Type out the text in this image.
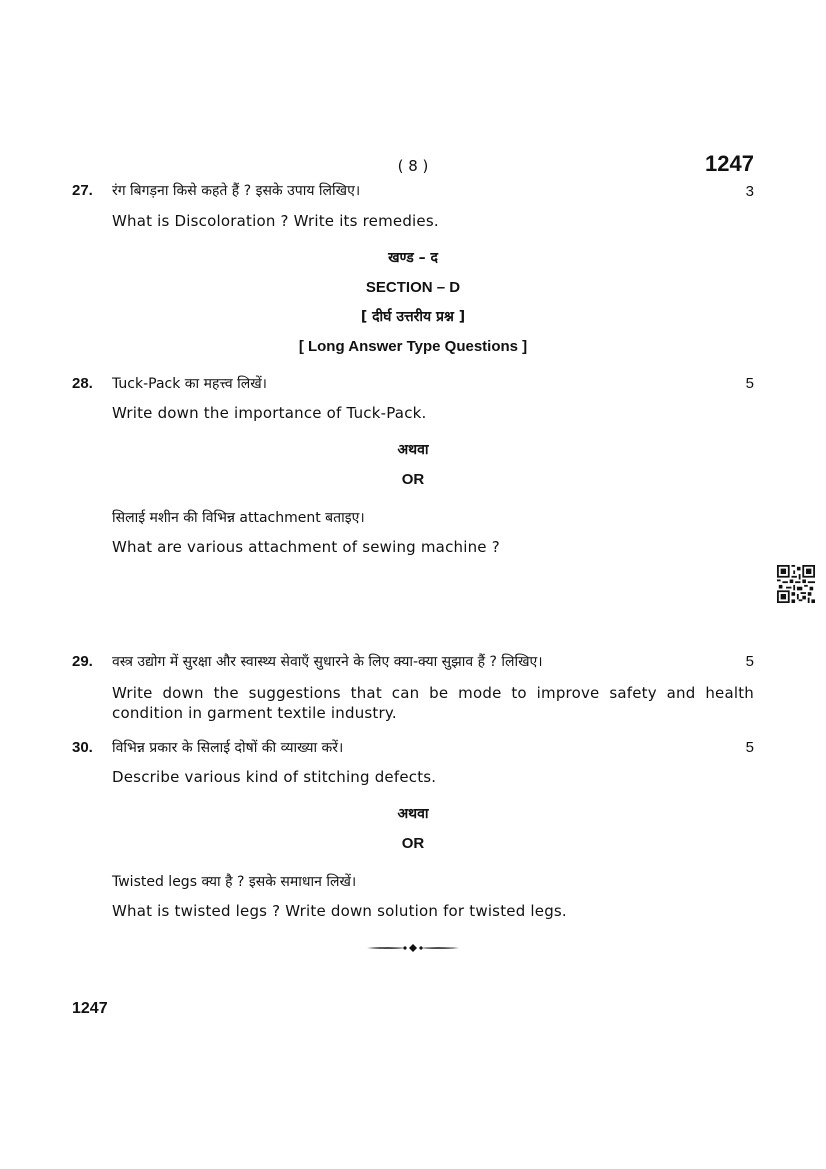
( 8 )	1247
27. रंग बिगड़ना किसे कहते हैं ? इसके उपाय लिखिए।	3
What is Discoloration ? Write its remedies.
खण्ड – द
SECTION – D
[ दीर्घ उत्तरीय प्रश्न ]
[ Long Answer Type Questions ]
28. Tuck-Pack का महत्त्व लिखें।	5
Write down the importance of Tuck-Pack.
अथवा
OR
सिलाई मशीन की विभिन्न attachment बताइए।
What are various attachment of sewing machine ?
29. वस्त्र उद्योग में सुरक्षा और स्वास्थ्य सेवाएँ सुधारने के लिए क्या-क्या सुझाव हैं ? लिखिए।	5
Write down the suggestions that can be mode to improve safety and health condition in garment textile industry.
30. विभिन्न प्रकार के सिलाई दोषों की व्याख्या करें।	5
Describe various kind of stitching defects.
अथवा
OR
Twisted legs क्या है ? इसके समाधान लिखें।
What is twisted legs ? Write down solution for twisted legs.
1247
